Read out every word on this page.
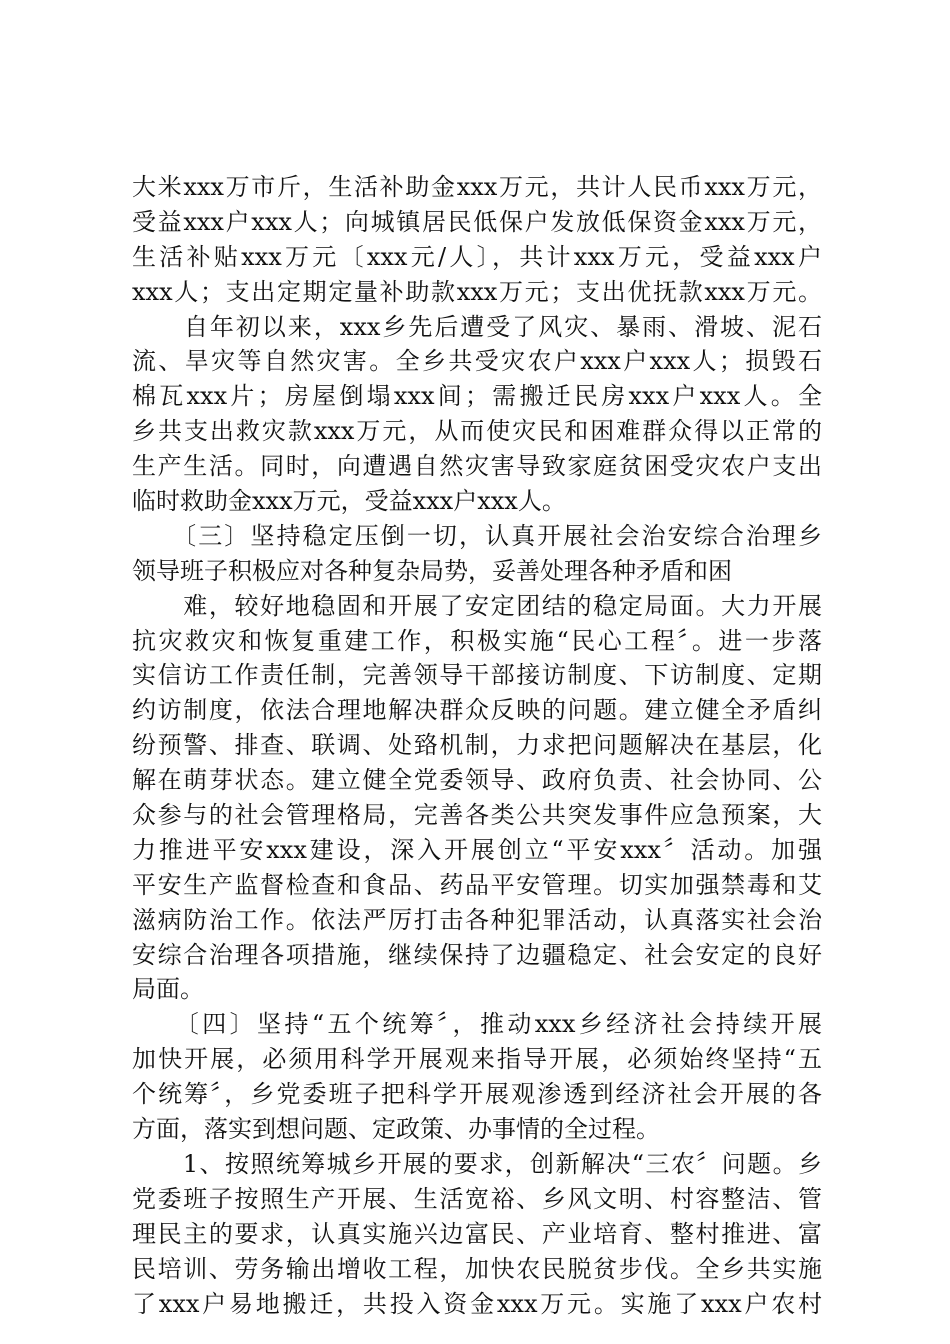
大米xxx万市斤，生活补助金xxx万元，共计人民币xxx万元，
受益xxx户xxx人；向城镇居民低保户发放低保资金xxx万元，
生活补贴xxx万元〔xxx元/人〕，共计xxx万元，受益xxx户
xxx人；支出定期定量补助款xxx万元；支出优抚款xxx万元。
　　自年初以来，xxx乡先后遭受了风灾、暴雨、滑坡、泥石
流、旱灾等自然灾害。全乡共受灾农户xxx户xxx人；损毁石
棉瓦xxx片；房屋倒塌xxx间；需搬迁民房xxx户xxx人。全
乡共支出救灾款xxx万元，从而使灾民和困难群众得以正常的
生产生活。同时，向遭遇自然灾害导致家庭贫困受灾农户支出
临时救助金xxx万元，受益xxx户xxx人。
　　〔三〕坚持稳定压倒一切，认真开展社会治安综合治理乡
领导班子积极应对各种复杂局势，妥善处理各种矛盾和困
　　难，较好地稳固和开展了安定团结的稳定局面。大力开展
抗灾救灾和恢复重建工作，积极实施“民心工程〞。进一步落
实信访工作责任制，完善领导干部接访制度、下访制度、定期
约访制度，依法合理地解决群众反映的问题。建立健全矛盾纠
纷预警、排查、联调、处臵机制，力求把问题解决在基层，化
解在萌芽状态。建立健全党委领导、政府负责、社会协同、公
众参与的社会管理格局，完善各类公共突发事件应急预案，大
力推进平安xxx建设，深入开展创立“平安xxx〞活动。加强
平安生产监督检查和食品、药品平安管理。切实加强禁毒和艾
滋病防治工作。依法严厉打击各种犯罪活动，认真落实社会治
安综合治理各项措施，继续保持了边疆稳定、社会安定的良好
局面。
　　〔四〕坚持“五个统筹〞，推动xxx乡经济社会持续开展
加快开展，必须用科学开展观来指导开展，必须始终坚持“五
个统筹〞，乡党委班子把科学开展观渗透到经济社会开展的各
方面，落实到想问题、定政策、办事情的全过程。
　　1、按照统筹城乡开展的要求，创新解决“三农〞问题。乡
党委班子按照生产开展、生活宽裕、乡风文明、村容整洁、管
理民主的要求，认真实施兴边富民、产业培育、整村推进、富
民培训、劳务输出增收工程，加快农民脱贫步伐。全乡共实施
了xxx户易地搬迁，共投入资金xxx万元。实施了xxx户农村
